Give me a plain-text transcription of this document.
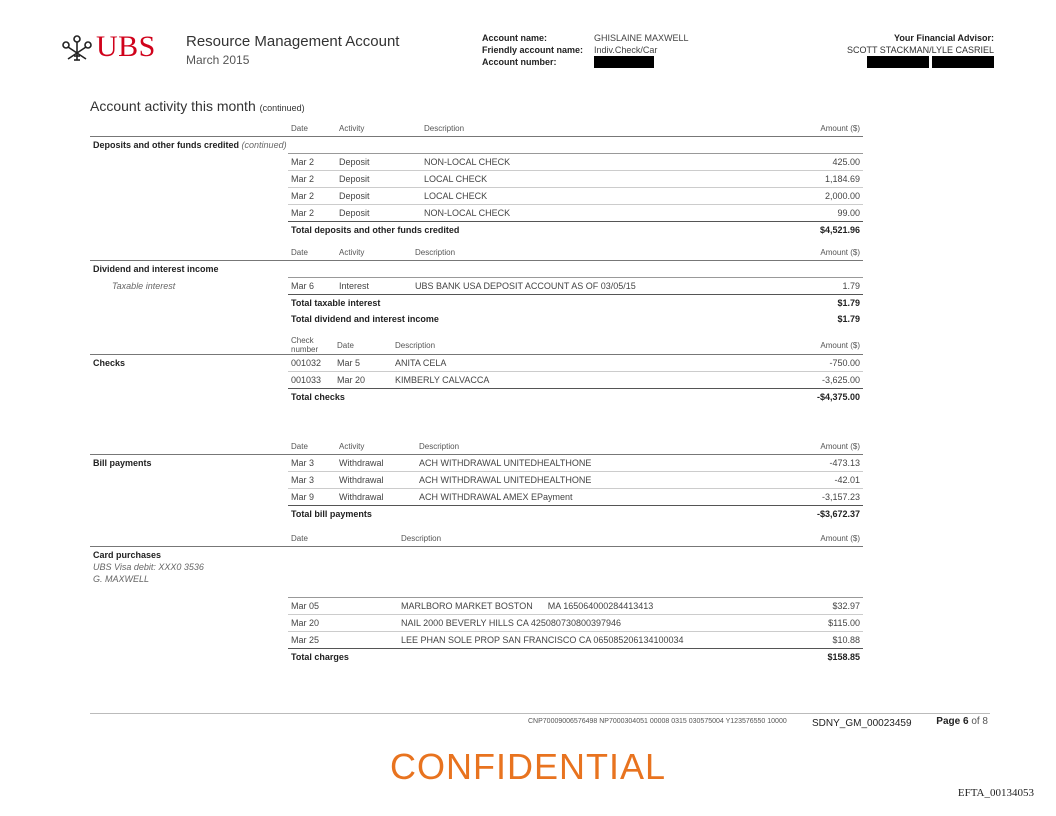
UBS Resource Management Account
March 2015
Account name:	GHISLAINE MAXWELL
Friendly account name: Indiv.Check/Car
Account number:
Your Financial Advisor:
SCOTT STACKMAN/LYLE CASRIEL

Account activity this month (continued)
	Date	Activity	Description	Amount ($)
Deposits and other funds credited (continued)				
	Mar 2	Deposit	NON-LOCAL CHECK	425.00
	Mar 2	Deposit	LOCAL CHECK	1,184.69
	Mar 2	Deposit	LOCAL CHECK	2,000.00
	Mar 2	Deposit	NON-LOCAL CHECK	99.00
	Total deposits and other funds credited			$4,521.96
	Date	Activity	Description	Amount ($)
Dividend and interest income				
Taxable interest	Mar 6	Interest	UBS BANK USA DEPOSIT ACCOUNT AS OF 03/05/15	1.79
	Total taxable interest			$1.79
	Total dividend and interest income			$1.79
	Check
number	Date	Description	Amount ($)
Checks	001032	Mar 5	ANITA CELA	-750.00
	001033	Mar 20	KIMBERLY CALVACCA	-3,625.00
	Total checks			-$4,375.00
	Date	Activity	Description	Amount ($)
Bill payments	Mar 3	Withdrawal	ACH WITHDRAWAL UNITEDHEALTHONE	-473.13
	Mar 3	Withdrawal	ACH WITHDRAWAL UNITEDHEALTHONE	-42.01
	Mar 9	Withdrawal	ACH WITHDRAWAL AMEX EPayment	-3,157.23
	Total bill payments			-$3,672.37
	Date	Description	Amount ($)
Card purchases
UBS Visa debit: XXX0 3536
G. MAXWELL			
	Mar 05	MARLBORO MARKET BOSTON      MA 165064000284413413	$32.97
	Mar 20	NAIL 2000 BEVERLY HILLS CA 425080730800397946	$115.00
	Mar 25	LEE PHAN SOLE PROP SAN FRANCISCO CA 065085206134100034	$10.88
	Total charges		$158.85
CNP70009006576498 NP7000304051 00008 0315 030575004 Y123576550 10000	SDNY_GM_00023459 Page 6 of 8
CONFIDENTIAL
EFTA_00134053
